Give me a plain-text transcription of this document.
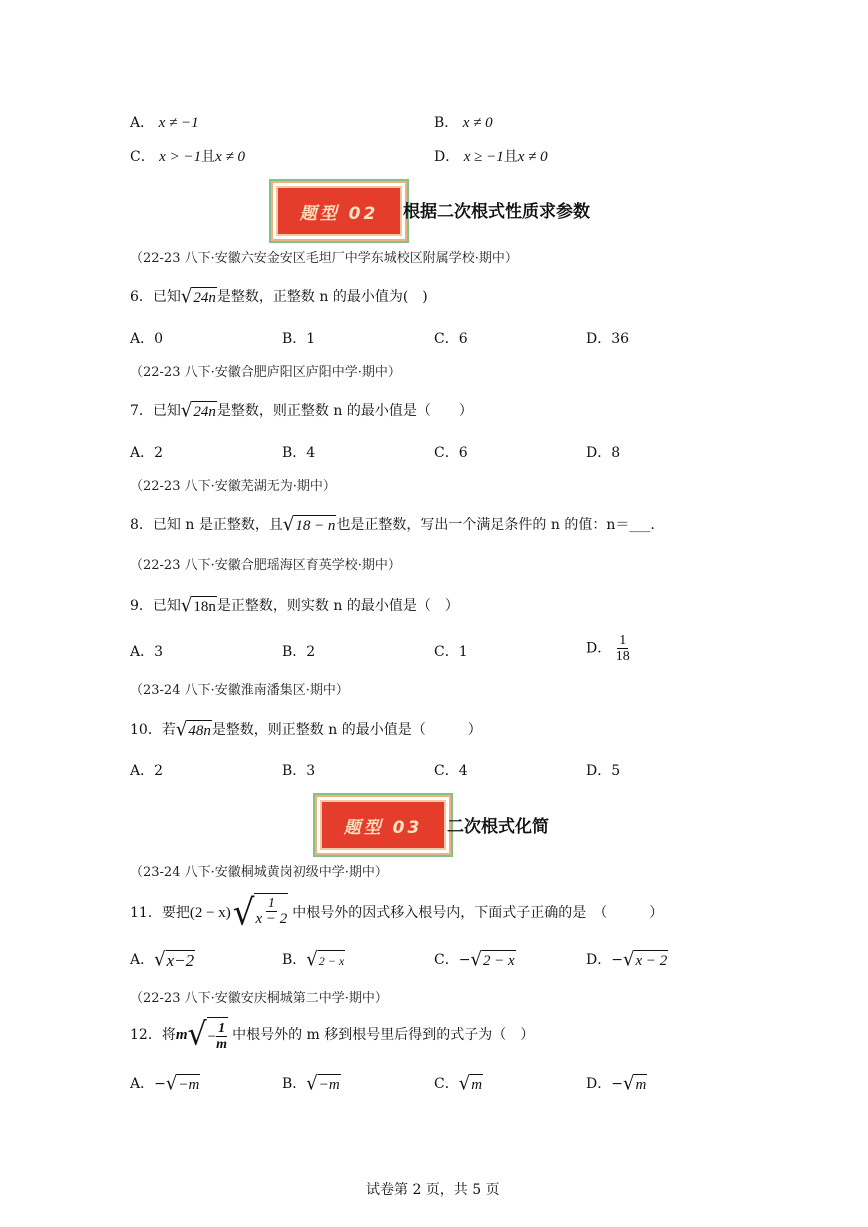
A． x ≠ −1	B． x ≠ 0
C． x > −1且x ≠ 0	D． x ≥ −1且x ≠ 0
题型 02 根据二次根式性质求参数
（22-23 八下·安徽六安金安区毛坦厂中学东城校区附属学校·期中）
6．已知 √ 24n 是整数，正整数 n 的最小值为(　)
A．0	B．1	C．6	D．36
（22-23 八下·安徽合肥庐阳区庐阳中学·期中）
7．已知 √ 24n 是整数，则正整数 n 的最小值是（　　）
A．2	B．4	C．6	D．8
（22-23 八下·安徽芜湖无为·期中）
8．已知 n 是正整数，且 √ 18 − n 也是正整数，写出一个满足条件的 n 的值：n＝___.
（22-23 八下·安徽合肥瑶海区育英学校·期中）
9．已知 √ 18n 是正整数，则实数 n 的最小值是（　）
A．3	B．2	C．1	D． $\frac{1}{18}$
（23-24 八下·安徽淮南潘集区·期中）
10．若 √ 48n 是整数，则正整数 n 的最小值是（　　　）
A．2	B．3	C．4	D．5
题型 03 二次根式化简
（23-24 八下·安徽桐城黄岗初级中学·期中）
11．要把 (2 − x) √ $\frac{1}{x - 2}$ 中根号外的因式移入根号内，下面式子正确的是　（　　　）
A． √ x−2	B． √ 2 − x	C．− √ 2 − x	D．− √ x − 2
（22-23 八下·安徽安庆桐城第二中学·期中）
12．将 m √ − $\frac{1}{m}$ 中根号外的 m 移到根号里后得到的式子为（　）
A．− √ −m	B． √ −m	C． √ m	D．− √ m
试卷第 2 页，共 5 页
